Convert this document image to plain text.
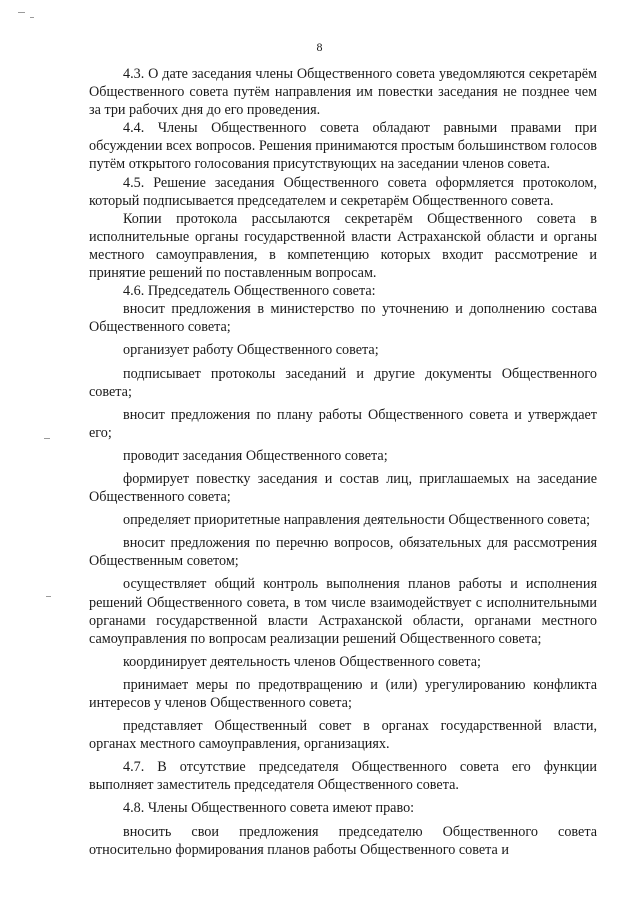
8

4.3. О дате заседания члены Общественного совета уведомляются секретарём Общественного совета путём направления им повестки заседания не позднее чем за три рабочих дня до его проведения.

4.4. Члены Общественного совета обладают равными правами при обсуждении всех вопросов. Решения принимаются простым большинством голосов путём открытого голосования присутствующих на заседании членов совета.

4.5. Решение заседания Общественного совета оформляется протоколом, который подписывается председателем и секретарём Общественного совета.

Копии протокола рассылаются секретарём Общественного совета в исполнительные органы государственной власти Астраханской области и органы местного самоуправления, в компетенцию которых входит рассмотрение и принятие решений по поставленным вопросам.

4.6. Председатель Общественного совета:

вносит предложения в министерство по уточнению и дополнению состава Общественного совета;

организует работу Общественного совета;

подписывает протоколы заседаний и другие документы Общественного совета;

вносит предложения по плану работы Общественного совета и утверждает его;

проводит заседания Общественного совета;

формирует повестку заседания и состав лиц, приглашаемых на заседание Общественного совета;

определяет приоритетные направления деятельности Общественного совета;

вносит предложения по перечню вопросов, обязательных для рассмотрения Общественным советом;

осуществляет общий контроль выполнения планов работы и исполнения решений Общественного совета, в том числе взаимодействует с исполнительными органами государственной власти Астраханской области, органами местного самоуправления по вопросам реализации решений Общественного совета;

координирует деятельность членов Общественного совета;

принимает меры по предотвращению и (или) урегулированию конфликта интересов у членов Общественного совета;

представляет Общественный совет в органах государственной власти, органах местного самоуправления, организациях.

4.7. В отсутствие председателя Общественного совета его функции выполняет заместитель председателя Общественного совета.

4.8. Члены Общественного совета имеют право:

вносить свои предложения председателю Общественного совета относительно формирования планов работы Общественного совета и
